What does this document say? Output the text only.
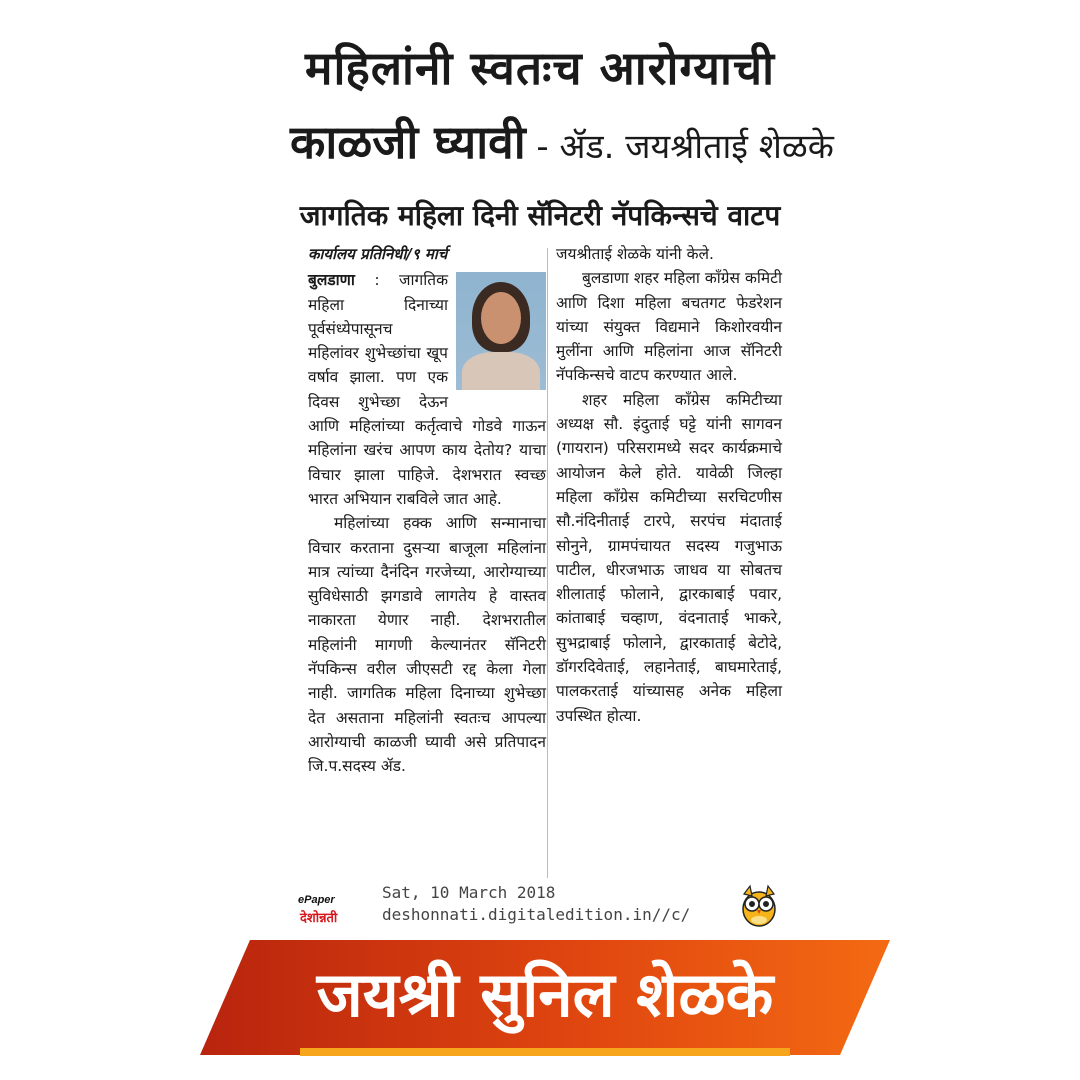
महिलांनी स्वतःच आरोग्याची
काळजी घ्यावी - ॲड. जयश्रीताई शेळके
जागतिक महिला दिनी सॅनिटरी नॅपकिन्सचे वाटप
कार्यालय प्रतिनिधी/९ मार्च

बुलडाणा : जागतिक महिला दिनाच्या पूर्वसंध्येपासूनच महिलांवर शुभेच्छांचा खूप वर्षाव झाला. पण एक दिवस शुभेच्छा देऊन आणि महिलांच्या कर्तृत्वाचे गोडवे गाऊन महिलांना खरंच आपण काय देतोय? याचा विचार झाला पाहिजे. देशभरात स्वच्छ भारत अभियान राबविले जात आहे.

महिलांच्या हक्क आणि सन्मानाचा विचार करताना दुसऱ्या बाजूला महिलांना मात्र त्यांच्या दैनंदिन गरजेच्या, आरोग्याच्या सुविधेसाठी झगडावे लागतेय हे वास्तव नाकारता येणार नाही. देशभरातील महिलांनी मागणी केल्यानंतर सॅनिटरी नॅपकिन्स वरील जीएसटी रद्द केला गेला नाही. जागतिक महिला दिनाच्या शुभेच्छा देत असताना महिलांनी स्वतःच आपल्या आरोग्याची काळजी घ्यावी असे प्रतिपादन जि.प.सदस्य ॲड.

जयश्रीताई शेळके यांनी केले.

बुलडाणा शहर महिला काँग्रेस कमिटी आणि दिशा महिला बचतगट फेडरेशन यांच्या संयुक्त विद्यमाने किशोरवयीन मुलींना आणि महिलांना आज सॅनिटरी नॅपकिन्सचे वाटप करण्यात आले.

शहर महिला काँग्रेस कमिटीच्या अध्यक्ष सौ. इंदुताई घट्टे यांनी सागवन (गायरान) परिसरामध्ये सदर कार्यक्रमाचे आयोजन केले होते. यावेळी जिल्हा महिला काँग्रेस कमिटीच्या सरचिटणीस सौ.नंदिनीताई टारपे, सरपंच मंदाताई सोनुने, ग्रामपंचायत सदस्य गजुभाऊ पाटील, धीरजभाऊ जाधव या सोबतच शीलाताई फोलाने, द्वारकाबाई पवार, कांताबाई चव्हाण, वंदनाताई भाकरे, सुभद्राबाई फोलाने, द्वारकाताई बेटोदे, डॉगरदिवेताई, लहानेताई, बाघमारेताई, पालकरताई यांच्यासह अनेक महिला उपस्थित होत्या.

ePaper
देशोन्नती
Sat, 10 March 2018
deshonnati.digitaledition.in//c/
जयश्री सुनिल शेळके
